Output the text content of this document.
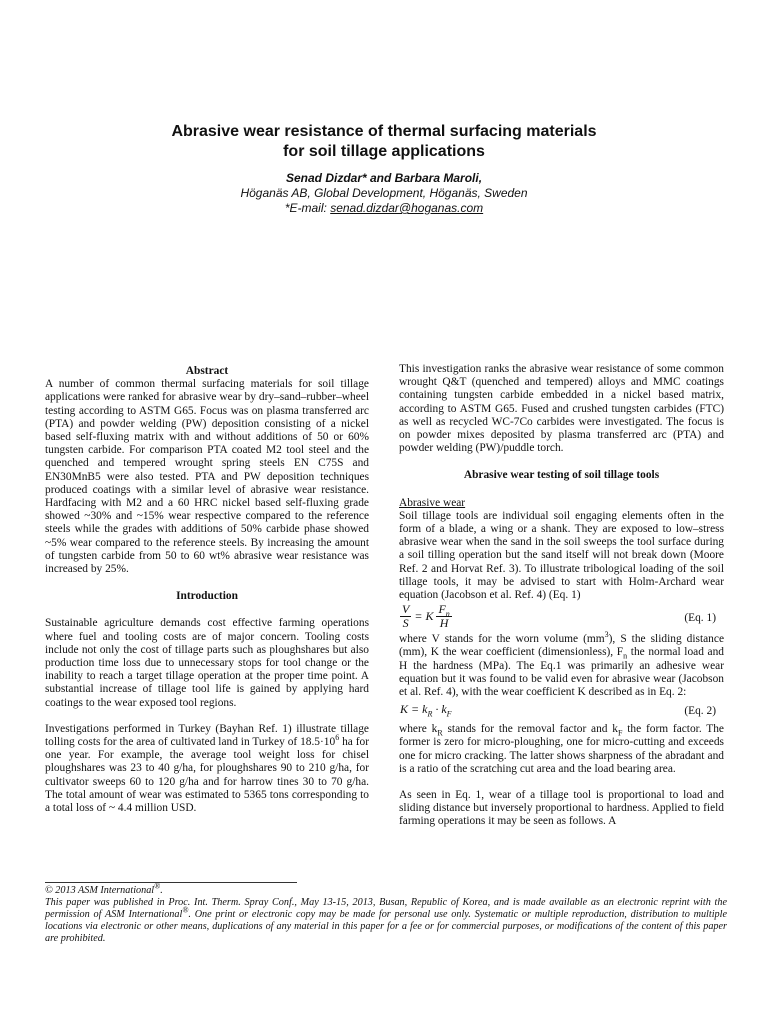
Abrasive wear resistance of thermal surfacing materials
for soil tillage applications
Senad Dizdar* and Barbara Maroli,
Höganäs AB, Global Development, Höganäs, Sweden
*E-mail: senad.dizdar@hoganas.com

Abstract

A number of common thermal surfacing materials for soil tillage applications were ranked for abrasive wear by dry–sand–rubber–wheel testing according to ASTM G65. Focus was on plasma transferred arc (PTA) and powder welding (PW) deposition consisting of a nickel based self-fluxing matrix with and without additions of 50 or 60% tungsten carbide. For comparison PTA coated M2 tool steel and the quenched and tempered wrought spring steels EN C75S and EN30MnB5 were also tested. PTA and PW deposition techniques produced coatings with a similar level of abrasive wear resistance. Hardfacing with M2 and a 60 HRC nickel based self-fluxing grade showed ~30% and ~15% wear respective compared to the reference steels while the grades with additions of 50% carbide phase showed ~5% wear compared to the reference steels. By increasing the amount of tungsten carbide from 50 to 60 wt% abrasive wear resistance was increased by 25%.

Introduction

Sustainable agriculture demands cost effective farming operations where fuel and tooling costs are of major concern. Tooling costs include not only the cost of tillage parts such as ploughshares but also production time loss due to unnecessary stops for tool change or the inability to reach a target tillage operation at the proper time point. A substantial increase of tillage tool life is gained by applying hard coatings to the wear exposed tool regions.

Investigations performed in Turkey (Bayhan Ref. 1) illustrate tillage tolling costs for the area of cultivated land in Turkey of $18.5\cdot 10^6$ ha for one year. For example, the average tool weight loss for chisel ploughshares was 23 to 40 g/ha, for ploughshares 90 to 210 g/ha, for cultivator sweeps 60 to 120 g/ha and for harrow tines 30 to 70 g/ha. The total amount of wear was estimated to 5365 tons corresponding to a total loss of ~ 4.4 million USD.

This investigation ranks the abrasive wear resistance of some common wrought Q&T (quenched and tempered) alloys and MMC coatings containing tungsten carbide embedded in a nickel based matrix, according to ASTM G65. Fused and crushed tungsten carbides (FTC) as well as recycled WC-7Co carbides were investigated. The focus is on powder mixes deposited by plasma transferred arc (PTA) and powder welding (PW)/puddle torch.

Abrasive wear testing of soil tillage tools

Abrasive wear

Soil tillage tools are individual soil engaging elements often in the form of a blade, a wing or a shank. They are exposed to low–stress abrasive wear when the sand in the soil sweeps the tool surface during a soil tilling operation but the sand itself will not break down (Moore Ref. 2 and Horvat Ref. 3). To illustrate tribological loading of the soil tillage tools, it may be advised to start with Holm-Archard wear equation (Jacobson et al. Ref. 4) (Eq. 1)

$\frac{V}{S} = K \frac{F_n}{H}$	(Eq. 1)

where V stands for the worn volume $(mm^3)$, S the sliding distance (mm), K the wear coefficient (dimensionless), $F_n$ the normal load and H the hardness (MPa). The Eq.1 was primarily an adhesive wear equation but it was found to be valid even for abrasive wear (Jacobson et al. Ref. 4), with the wear coefficient K described as in Eq. 2:

$K = k_R \cdot k_F$	(Eq. 2)

where $k_R$ stands for the removal factor and $k_F$ the form factor. The former is zero for micro-ploughing, one for micro-cutting and exceeds one for micro cracking. The latter shows sharpness of the abradant and is a ratio of the scratching cut area and the load bearing area.

As seen in Eq. 1, wear of a tillage tool is proportional to load and sliding distance but inversely proportional to hardness. Applied to field farming operations it may be seen as follows. A

© 2013 ASM International®.

This paper was published in Proc. Int. Therm. Spray Conf., May 13-15, 2013, Busan, Republic of Korea, and is made available as an electronic reprint with the permission of ASM International®. One print or electronic copy may be made for personal use only. Systematic or multiple reproduction, distribution to multiple locations via electronic or other means, duplications of any material in this paper for a fee or for commercial purposes, or modifications of the content of this paper are prohibited.
